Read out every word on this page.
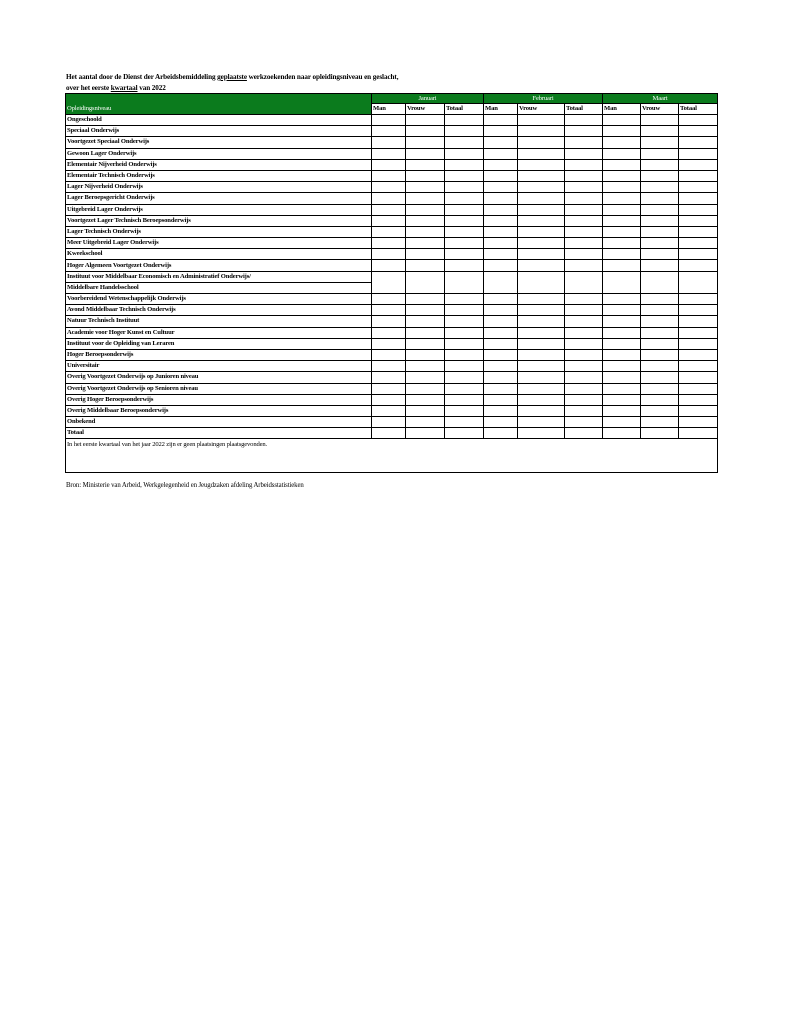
Het aantal door de Dienst der Arbeidsbemiddeling geplaatste werkzoekenden naar opleidingsniveau en geslacht,
over het eerste kwartaal van 2022
	Januari			Februari			Maart		
Opleidingsniveau	Man	Vrouw	Totaal	Man	Vrouw	Totaal	Man	Vrouw	Totaal
Ongeschoold									
Speciaal Onderwijs									
Voortgezet Speciaal Onderwijs									
Gewoon Lager Onderwijs									
Elementair Nijverheid Onderwijs									
Elementair Technisch Onderwijs									
Lager Nijverheid Onderwijs									
Lager Beroepsgericht Onderwijs									
Uitgebreid Lager Onderwijs									
Voortgezet Lager Technisch Beroepsonderwijs									
Lager Technisch Onderwijs									
Meer Uitgebreid Lager Onderwijs									
Kweekschool									
Hoger Algemeen Voortgezet Onderwijs									
Instituut voor Middelbaar Economisch en Administratief Onderwijs/									
Middelbare Handelsschool									
Voorbereidend Wetenschappelijk Onderwijs									
Avond Middelbaar Technisch Onderwijs									
Natuur Technisch Instituut									
Academie voor Hoger Kunst en Cultuur									
Instituut voor de Opleiding van Leraren									
Hoger Beroepsonderwijs									
Universitair									
Overig Voortgezet Onderwijs op Junioren niveau									
Overig Voortgezet Onderwijs op Senioren niveau									
Overig Hoger Beroepsonderwijs									
Overig Middelbaar Beroepsonderwijs									
Onbekend									
Totaal									
In het eerste kwartaal van het jaar 2022 zijn er geen plaatsingen plaatsgevonden.									
Bron: Ministerie van Arbeid, Werkgelegenheid en Jeugdzaken afdeling Arbeidsstatistieken
